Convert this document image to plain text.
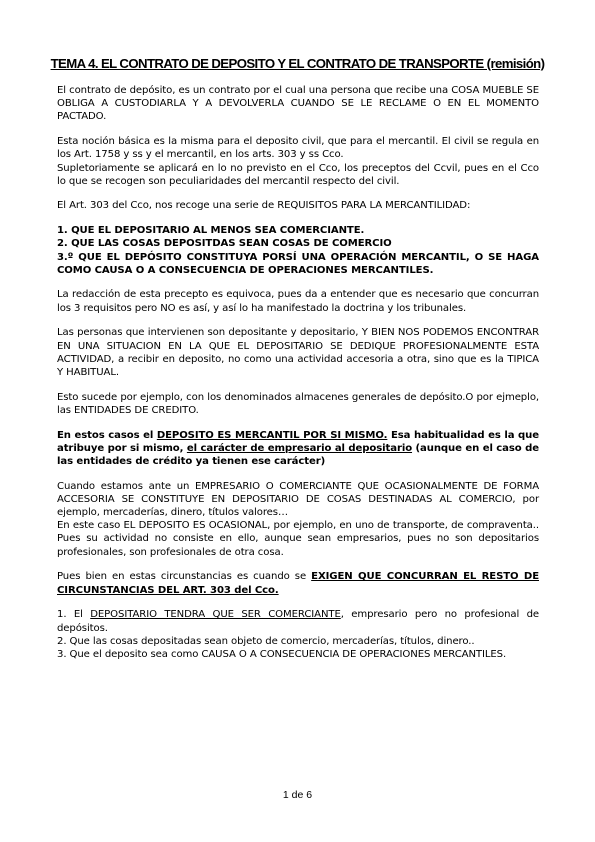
TEMA 4. EL CONTRATO DE DEPOSITO Y EL CONTRATO DE TRANSPORTE (remisión)

El contrato de depósito, es un contrato por el cual una persona que recibe una COSA MUEBLE SE OBLIGA A CUSTODIARLA Y A DEVOLVERLA CUANDO SE LE RECLAME O EN EL MOMENTO PACTADO.

Esta noción básica es la misma para el deposito civil, que para el mercantil. El civil se regula en los Art. 1758 y ss y el mercantil, en los arts. 303 y ss Cco.

Supletoriamente se aplicará en lo no previsto en el Cco, los preceptos del Ccvil, pues en el Cco lo que se recogen son peculiaridades del mercantil respecto del civil.

El Art. 303 del Cco, nos recoge una serie de REQUISITOS PARA LA MERCANTILIDAD:

1. QUE EL DEPOSITARIO AL MENOS SEA COMERCIANTE.

2. QUE LAS COSAS DEPOSITDAS SEAN COSAS DE COMERCIO

3.º QUE EL DEPÓSITO CONSTITUYA PORSÍ UNA OPERACIÓN MERCANTIL, O SE HAGA COMO CAUSA O A CONSECUENCIA DE OPERACIONES MERCANTILES.

La redacción de esta precepto es equivoca, pues da a entender que es necesario que concurran los 3 requisitos pero NO es así, y así lo ha manifestado la doctrina y los tribunales.

Las personas que intervienen son depositante y depositario, Y BIEN NOS PODEMOS ENCONTRAR EN UNA SITUACION EN LA QUE EL DEPOSITARIO SE DEDIQUE PROFESIONALMENTE ESTA ACTIVIDAD, a recibir en deposito, no como una actividad accesoria a otra, sino que es la TIPICA Y HABITUAL.

Esto sucede por ejemplo, con los denominados almacenes generales de depósito.O por ejmeplo, las ENTIDADES DE CREDITO.

En estos casos el DEPOSITO ES MERCANTIL POR SI MISMO. Esa habitualidad es la que atribuye por si mismo, el carácter de empresario al depositario (aunque en el caso de las entidades de crédito ya tienen ese carácter)

Cuando estamos ante un EMPRESARIO O COMERCIANTE QUE OCASIONALMENTE DE FORMA ACCESORIA SE CONSTITUYE EN DEPOSITARIO DE COSAS DESTINADAS AL COMERCIO, por ejemplo, mercaderías, dinero, títulos valores…

En este caso EL DEPOSITO ES OCASIONAL, por ejemplo, en uno de transporte, de compraventa.. Pues su actividad no consiste en ello, aunque sean empresarios, pues no son depositarios profesionales, son profesionales de otra cosa.

Pues bien en estas circunstancias es cuando se EXIGEN QUE CONCURRAN EL RESTO DE CIRCUNSTANCIAS DEL ART. 303 del Cco.

1. El DEPOSITARIO TENDRA QUE SER COMERCIANTE, empresario pero no profesional de depósitos.

2. Que las cosas depositadas sean objeto de comercio, mercaderías, títulos, dinero..

3. Que el deposito sea como CAUSA O A CONSECUENCIA DE OPERACIONES MERCANTILES.

1 de 6
